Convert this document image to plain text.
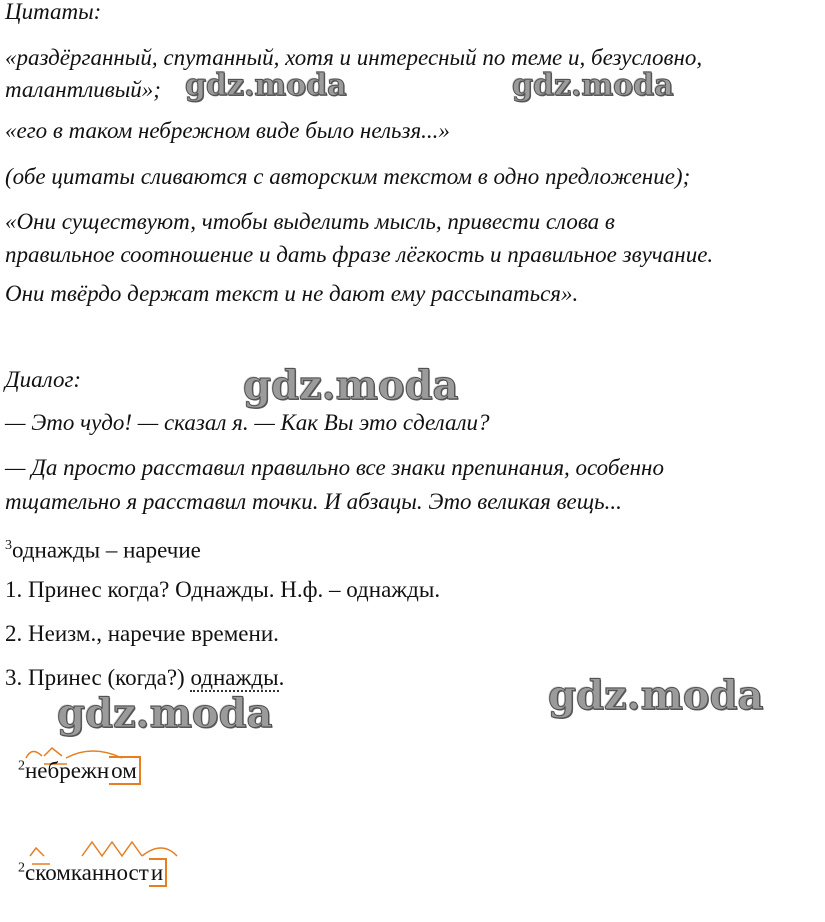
Цитаты:

«раздёрганный, спутанный, хотя и интересный по теме и, безусловно,

талантливый»;

«его в таком небрежном виде было нельзя...»

(обе цитаты сливаются с авторским текстом в одно предложение);

«Они существуют, чтобы выделить мысль, привести слова в

правильное соотношение и дать фразе лёгкость и правильное звучание.

Они твёрдо держат текст и не дают ему рассыпаться».

Диалог:

— Это чудо! — сказал я. — Как Вы это сделали?

— Да просто расставил правильно все знаки препинания, особенно

тщательно я расставил точки. И абзацы. Это великая вещь...

$^3$однажды – наречие

1. Принес когда? Однажды. Н.ф. – однажды.

2. Неизм., наречие времени.

3. Принес (когда?) однажды.

$^2$небрежном
$^2$скомканности
gdz.moda	gdz.moda
gdz.moda
gdz.moda
gdz.moda
